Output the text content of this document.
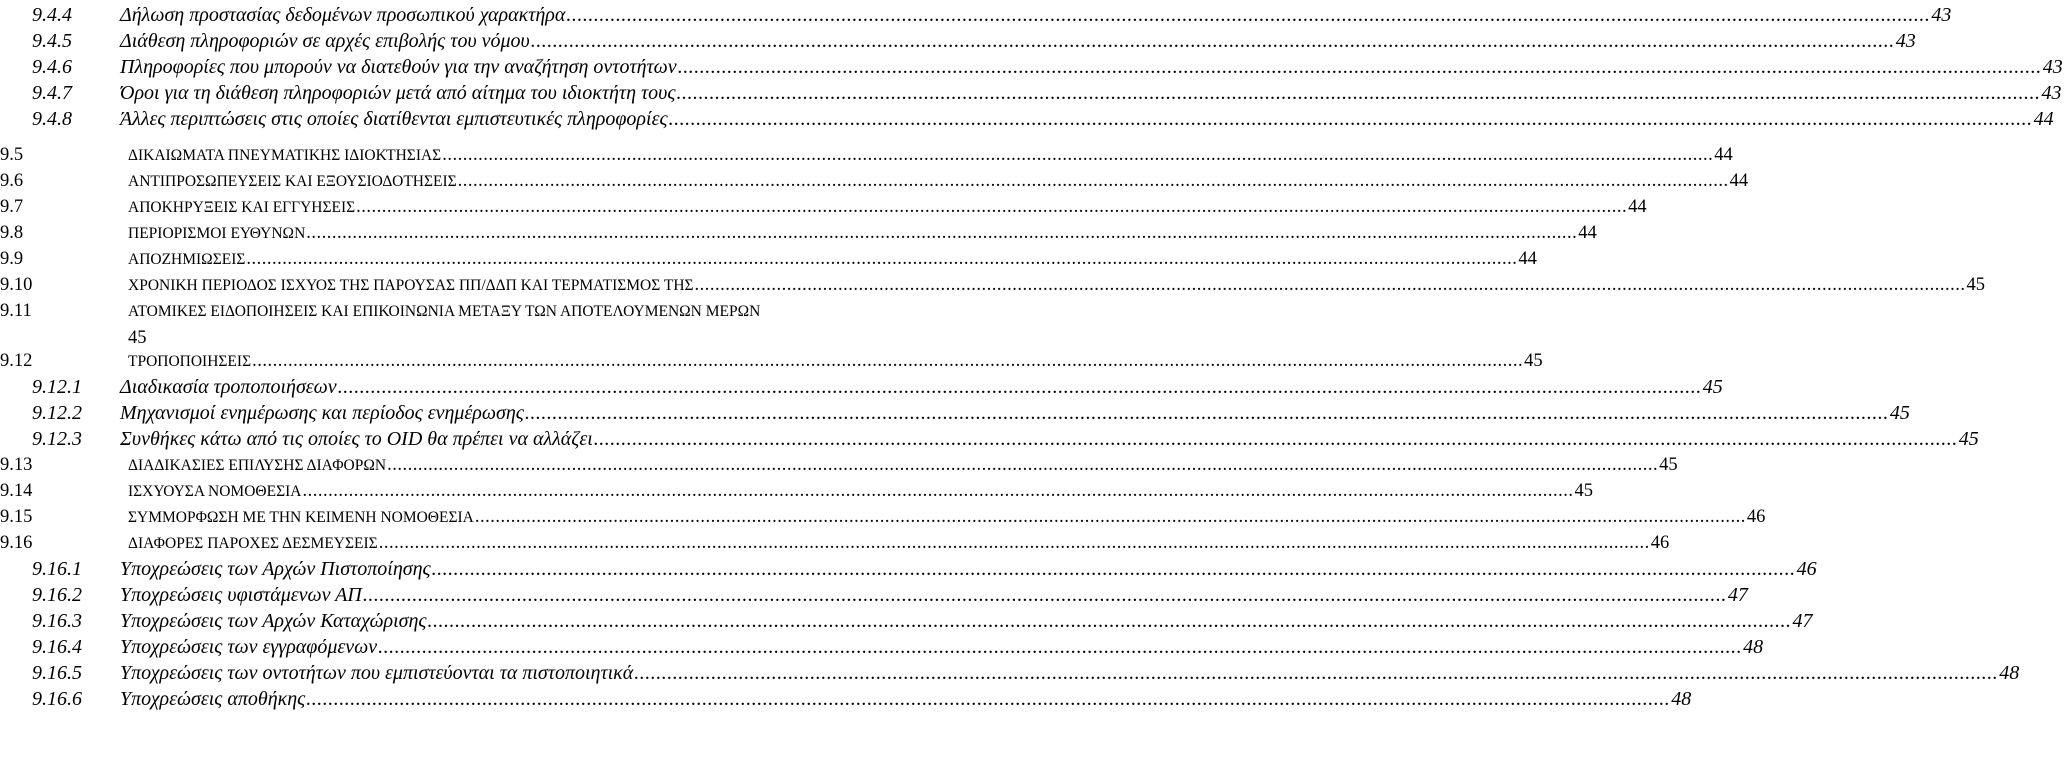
9.4.4 Δήλωση προστασίας δεδομένων προσωπικού χαρακτήρα .....	43
9.4.5 Διάθεση πληροφοριών σε αρχές επιβολής του νόμου .....	43
9.4.6 Πληροφορίες που μπορούν να διατεθούν για την αναζήτηση οντοτήτων .....	43
9.4.7 Όροι για τη διάθεση πληροφοριών μετά από αίτημα του ιδιοκτήτη τους .....	43
9.4.8 Άλλες περιπτώσεις στις οποίες διατίθενται εμπιστευτικές πληροφορίες .....	44
9.5	ΔΙΚΑΙΩΜΑΤΑ ΠΝΕΥΜΑΤΙΚΗΣ ΙΔΙΟΚΤΗΣΙΑΣ .....	44
9.6	ΑΝΤΙΠΡΟΣΩΠΕΥΣΕΙΣ ΚΑΙ ΕΞΟΥΣΙΟΔΟΤΗΣΕΙΣ .....	44
9.7	ΑΠΟΚΗΡΥΞΕΙΣ ΚΑΙ ΕΓΓΥΗΣΕΙΣ .....	44
9.8	ΠΕΡΙΟΡΙΣΜΟΙ ΕΥΘΥΝΩΝ .....	44
9.9	ΑΠΟΖΗΜΙΩΣΕΙΣ .....	44
9.10	ΧΡΟΝΙΚΗ ΠΕΡΙΟΔΟΣ ΙΣΧΥΟΣ ΤΗΣ ΠΑΡΟΥΣΑΣ ΠΠ/ΔΔΠ ΚΑΙ ΤΕΡΜΑΤΙΣΜΟΣ ΤΗΣ .....	45
9.11	ΑΤΟΜΙΚΕΣ ΕΙΔΟΠΟΙΗΣΕΙΣ ΚΑΙ ΕΠΙΚΟΙΝΩΝΙΑ ΜΕΤΑΞΥ ΤΩΝ ΑΠΟΤΕΛΟΥΜΕΝΩΝ ΜΕΡΩΝ
45
9.12	ΤΡΟΠΟΠΟΙΗΣΕΙΣ .....	45
9.12.1 Διαδικασία τροποποιήσεων .....	45
9.12.2 Μηχανισμοί ενημέρωσης και περίοδος ενημέρωσης .....	45
9.12.3 Συνθήκες κάτω από τις οποίες το OID θα πρέπει να αλλάζει .....	45
9.13	ΔΙΑΔΙΚΑΣΙΕΣ ΕΠΙΛΥΣΗΣ ΔΙΑΦΟΡΩΝ .....	45
9.14	ΙΣΧΥΟΥΣΑ ΝΟΜΟΘΕΣΙΑ .....	45
9.15	ΣΥΜΜΟΡΦΩΣΗ ΜΕ ΤΗΝ ΚΕΙΜΕΝΗ ΝΟΜΟΘΕΣΙΑ .....	46
9.16	ΔΙΑΦΟΡΕΣ ΠΑΡΟΧΕΣ ΔΕΣΜΕΥΣΕΙΣ .....	46
9.16.1 Υποχρεώσεις των Αρχών Πιστοποίησης .....	46
9.16.2 Υποχρεώσεις υφιστάμενων ΑΠ .....	47
9.16.3 Υποχρεώσεις των Αρχών Καταχώρισης .....	47
9.16.4 Υποχρεώσεις των εγγραφόμενων .....	48
9.16.5 Υποχρεώσεις των οντοτήτων που εμπιστεύονται τα πιστοποιητικά .....	48
9.16.6 Υποχρεώσεις αποθήκης .....	48
